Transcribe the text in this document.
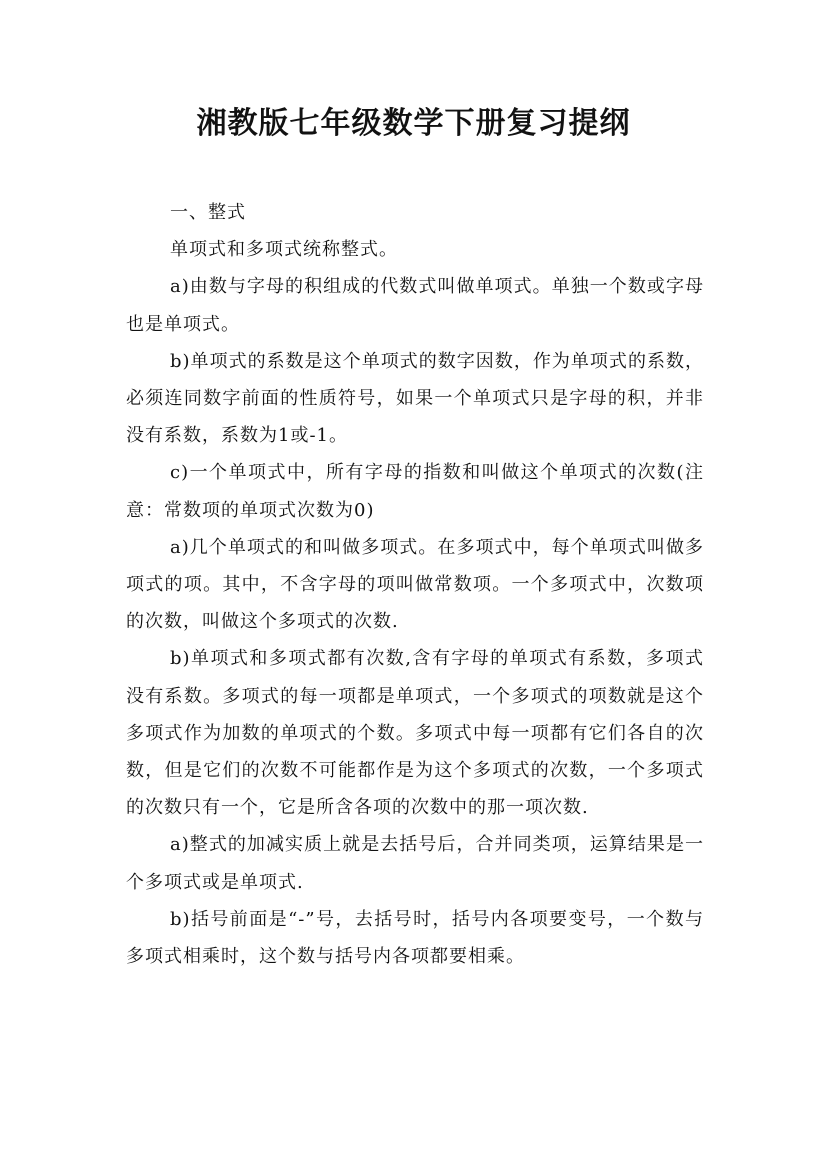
湘教版七年级数学下册复习提纲

一、整式

单项式和多项式统称整式。

a)由数与字母的积组成的代数式叫做单项式。单独一个数或字母也是单项式。

b)单项式的系数是这个单项式的数字因数，作为单项式的系数，必须连同数字前面的性质符号，如果一个单项式只是字母的积，并非没有系数，系数为1或-1。

c)一个单项式中，所有字母的指数和叫做这个单项式的次数(注意：常数项的单项式次数为0)

a)几个单项式的和叫做多项式。在多项式中，每个单项式叫做多项式的项。其中，不含字母的项叫做常数项。一个多项式中，次数项的次数，叫做这个多项式的次数.

b)单项式和多项式都有次数,含有字母的单项式有系数，多项式没有系数。多项式的每一项都是单项式，一个多项式的项数就是这个多项式作为加数的单项式的个数。多项式中每一项都有它们各自的次数，但是它们的次数不可能都作是为这个多项式的次数，一个多项式的次数只有一个，它是所含各项的次数中的那一项次数.

a)整式的加减实质上就是去括号后，合并同类项，运算结果是一个多项式或是单项式.

b)括号前面是“-”号，去括号时，括号内各项要变号，一个数与多项式相乘时，这个数与括号内各项都要相乘。
